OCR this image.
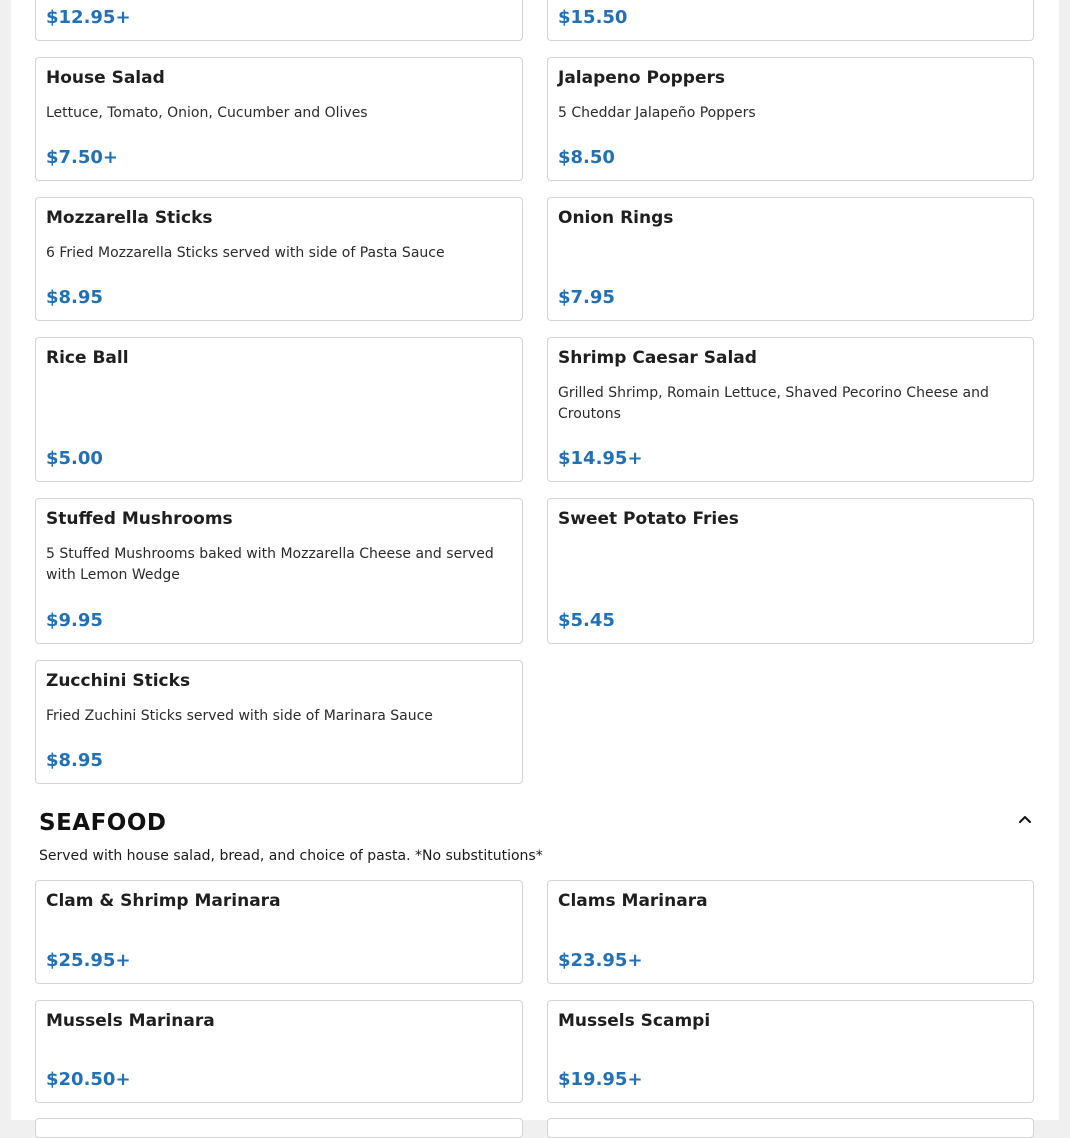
$12.95+	$15.50
House Salad
Lettuce, Tomato, Onion, Cucumber and Olives
$7.50+
Jalapeno Poppers
5 Cheddar Jalapeño Poppers
$8.50
Mozzarella Sticks
6 Fried Mozzarella Sticks served with side of Pasta Sauce
$8.95
Onion Rings
$7.95
Rice Ball
$5.00
Shrimp Caesar Salad
Grilled Shrimp, Romain Lettuce, Shaved Pecorino Cheese and Croutons
$14.95+
Stuffed Mushrooms
5 Stuffed Mushrooms baked with Mozzarella Cheese and served with Lemon Wedge
$9.95
Sweet Potato Fries
$5.45
Zucchini Sticks
Fried Zuchini Sticks served with side of Marinara Sauce
$8.95
SEAFOOD
Served with house salad, bread, and choice of pasta. *No substitutions*
Clam & Shrimp Marinara
$25.95+
Clams Marinara
$23.95+
Mussels Marinara
$20.50+
Mussels Scampi
$19.95+
